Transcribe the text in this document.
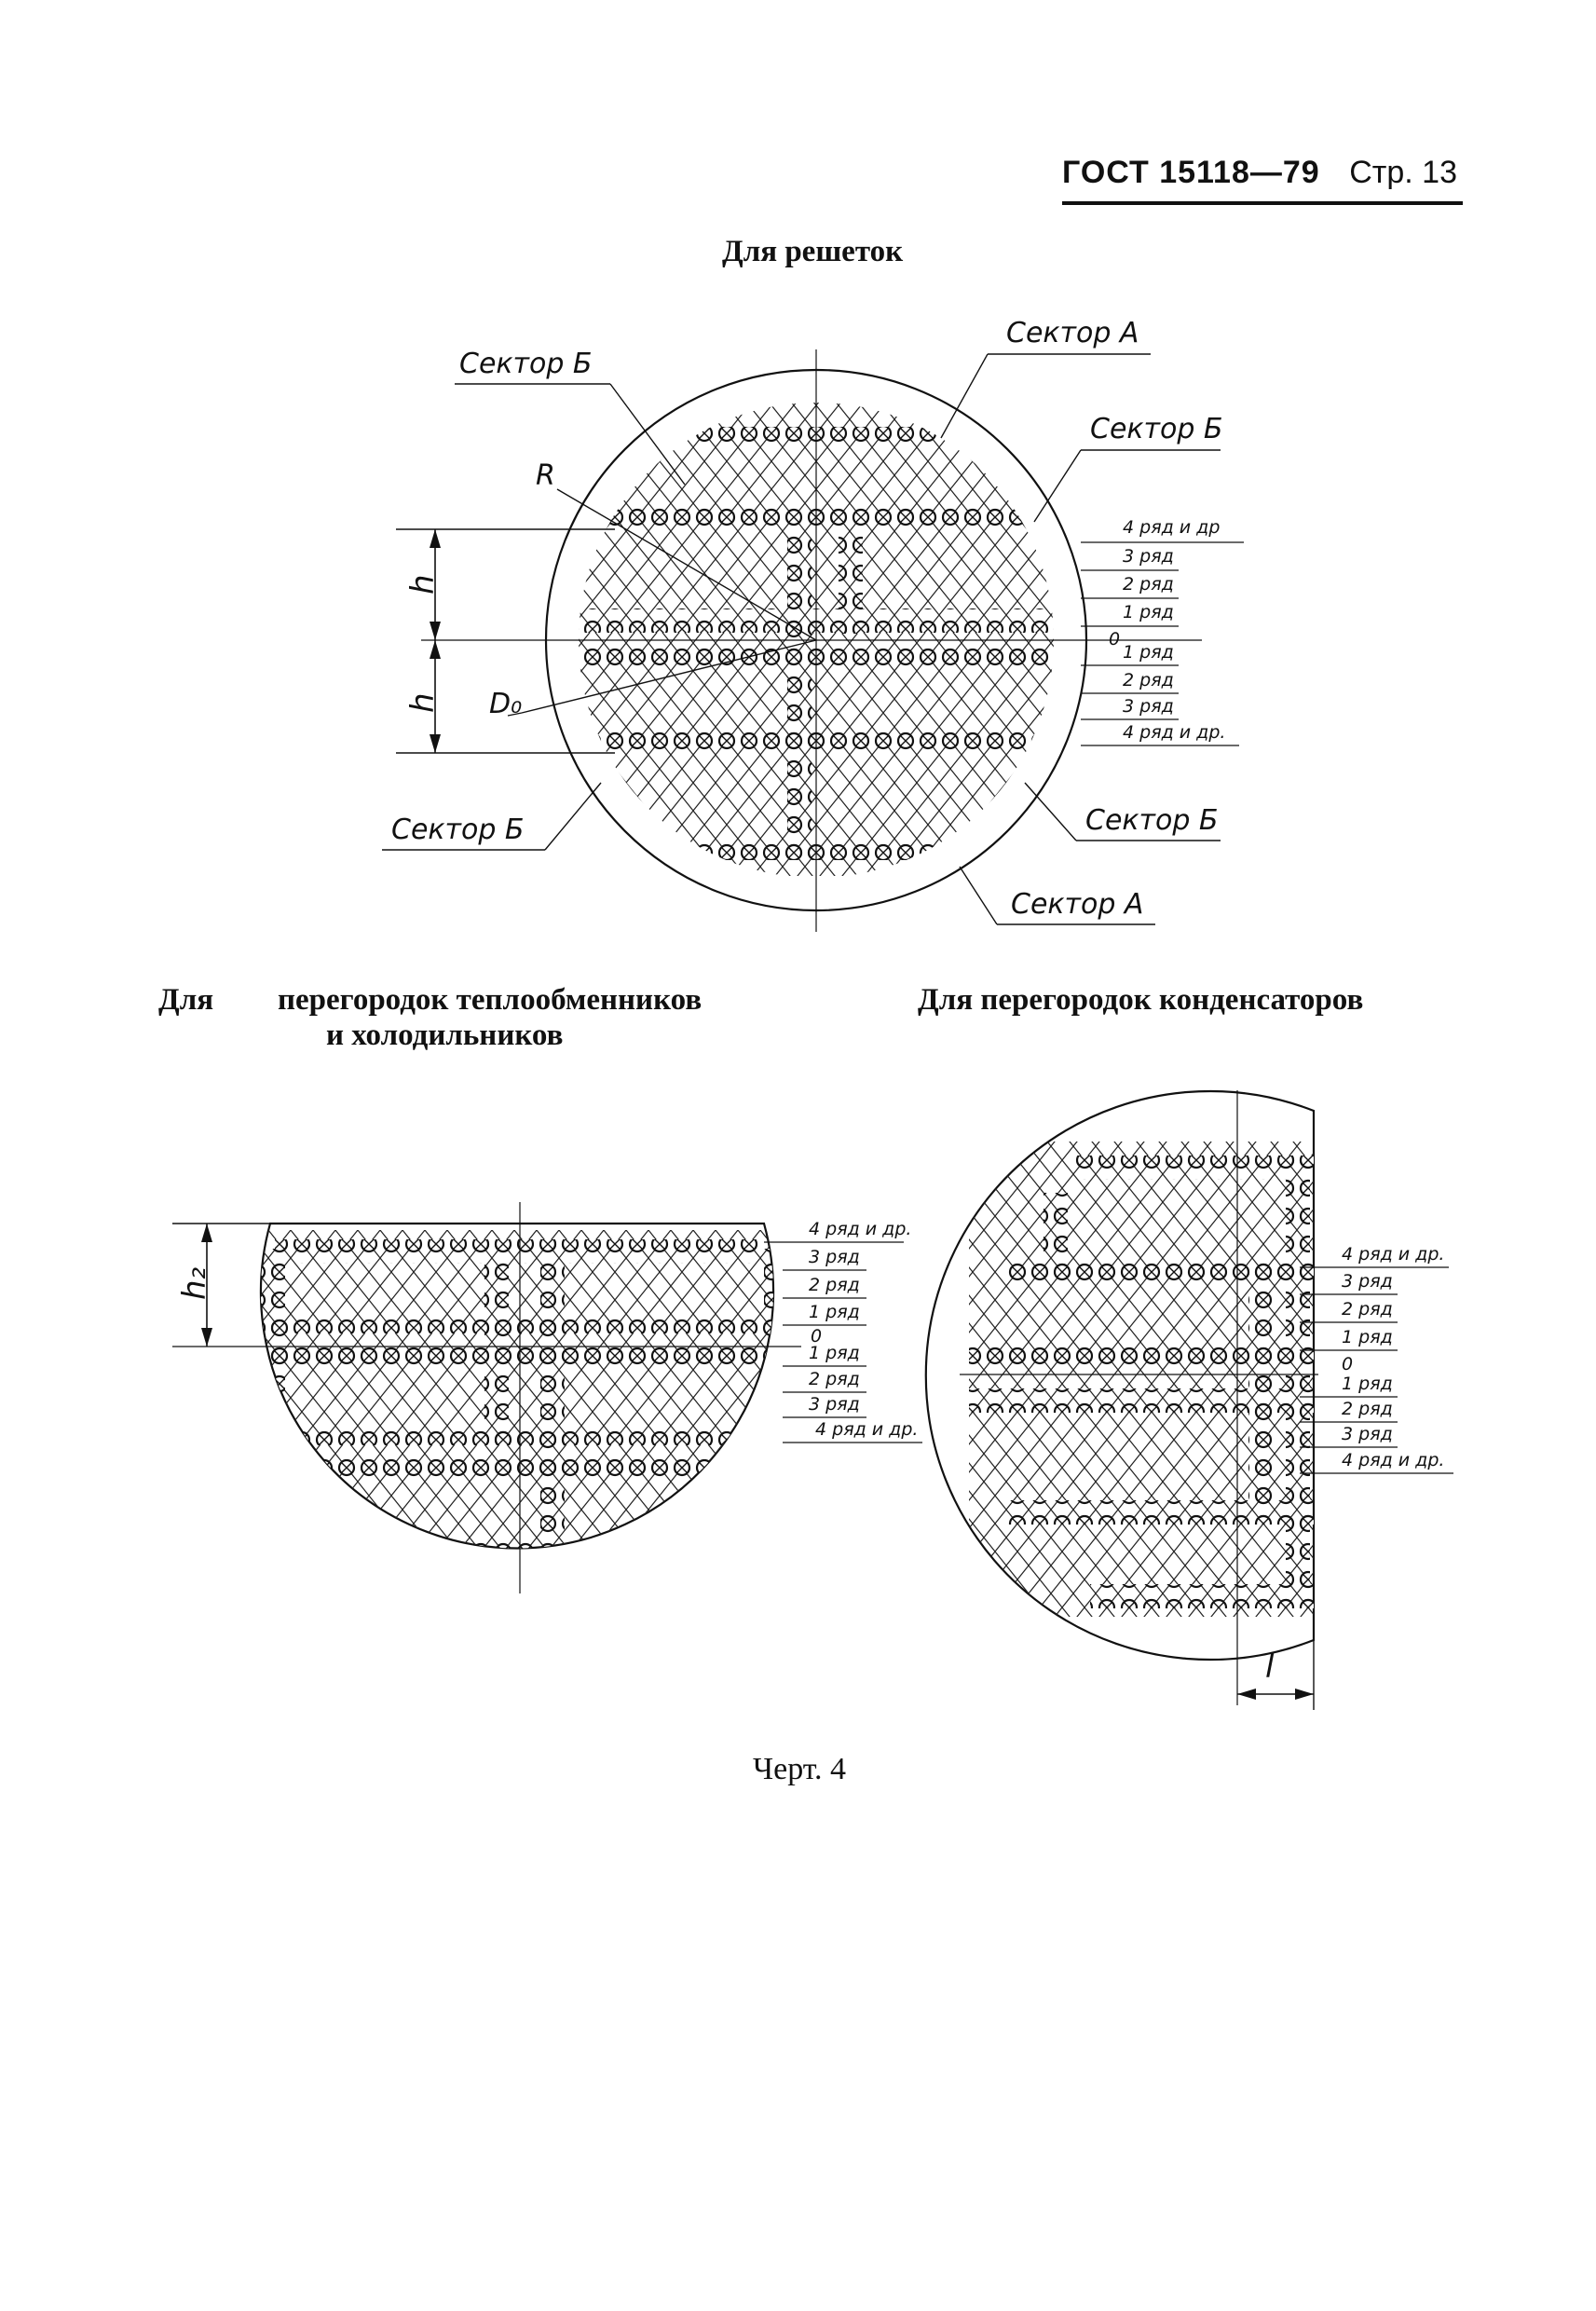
ГОСТ 15118—79 Стр. 13
Для решеток
Для перегородок теплообменников
и холодильников
Для перегородок конденсаторов
h
h
R
D₀
Сектор Б
Сектор А
Сектор Б
Сектор Б	Сектор Б
Сектор А
4 ряд и др
3 ряд
2 ряд
1 ряд
0
1 ряд
2 ряд
3 ряд
4 ряд и др.
h₂
4 ряд и др.
3 ряд
2 ряд
1 ряд
0
1 ряд
2 ряд
3 ряд
4 ряд и др.
l
4 ряд и др.
3 ряд
2 ряд
1 ряд
0
1 ряд
2 ряд
3 ряд
4 ряд и др.
Черт. 4
